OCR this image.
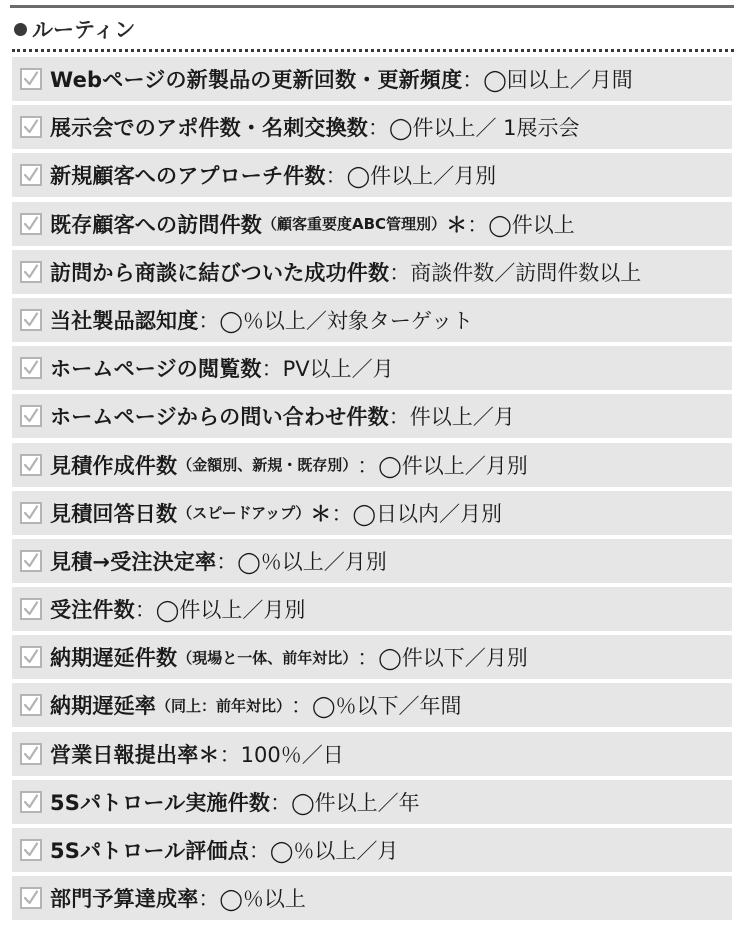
ルーティン
Webページの新製品の更新回数・更新頻度 ：◯回以上／月間
展示会でのアポ件数・名刺交換数 ：◯件以上／ 1展示会
新規顧客へのアプローチ件数 ：◯件以上／月別
既存顧客への訪問件数 （顧客重要度ABC管理別） ＊ ：◯件以上
訪問から商談に結びついた成功件数 ：商談件数／訪問件数以上
当社製品認知度 ：◯％以上／対象ターゲット
ホームページの閲覧数 ：PV以上／月
ホームページからの問い合わせ件数 ：件以上／月
見積作成件数 （金額別、新規・既存別） ：◯件以上／月別
見積回答日数 （スピードアップ） ＊ ：◯日以内／月別
見積→受注決定率 ：◯％以上／月別
受注件数 ：◯件以上／月別
納期遅延件数 （現場と一体、前年対比） ：◯件以下／月別
納期遅延率 （同上：前年対比） ：◯％以下／年間
営業日報提出率 ＊ ：100％／日
5Sパトロール実施件数 ：◯件以上／年
5Sパトロール評価点 ：◯％以上／月
部門予算達成率 ：◯％以上
